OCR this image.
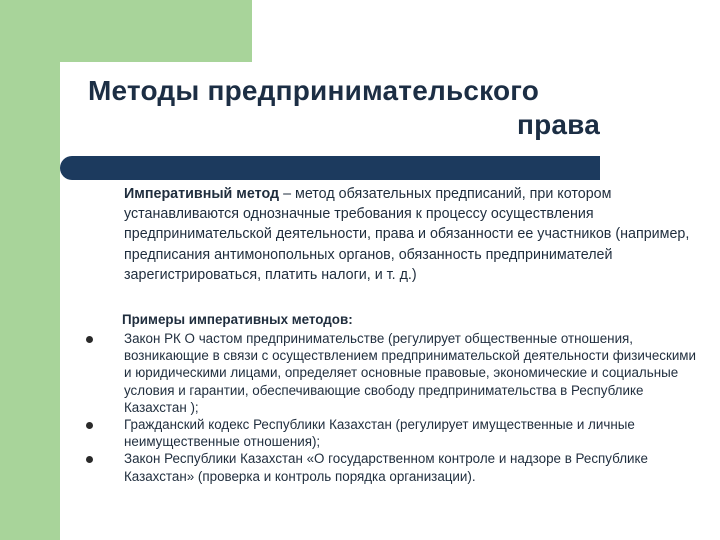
Методы предпринимательского
права

Императивный метод – метод обязательных предписаний, при котором устанавливаются однозначные требования к процессу осуществления предпринимательской деятельности, права и обязанности ее участников (например, предписания антимонопольных органов, обязанность предпринимателей зарегистрироваться, платить налоги, и т. д.)

Примеры императивных методов:
Закон РК О частом предпринимательстве (регулирует общественные отношения, возникающие в связи с осуществлением предпринимательской деятельности физическими и юридическими лицами, определяет основные правовые, экономические и социальные условия и гарантии, обеспечивающие свободу предпринимательства в Республике Казахстан );
Гражданский кодекс Республики Казахстан (регулирует имущественные и личные неимущественные отношения);
Закон Республики Казахстан «О государственном контроле и надзоре в Республике Казахстан» (проверка и контроль порядка организации).
